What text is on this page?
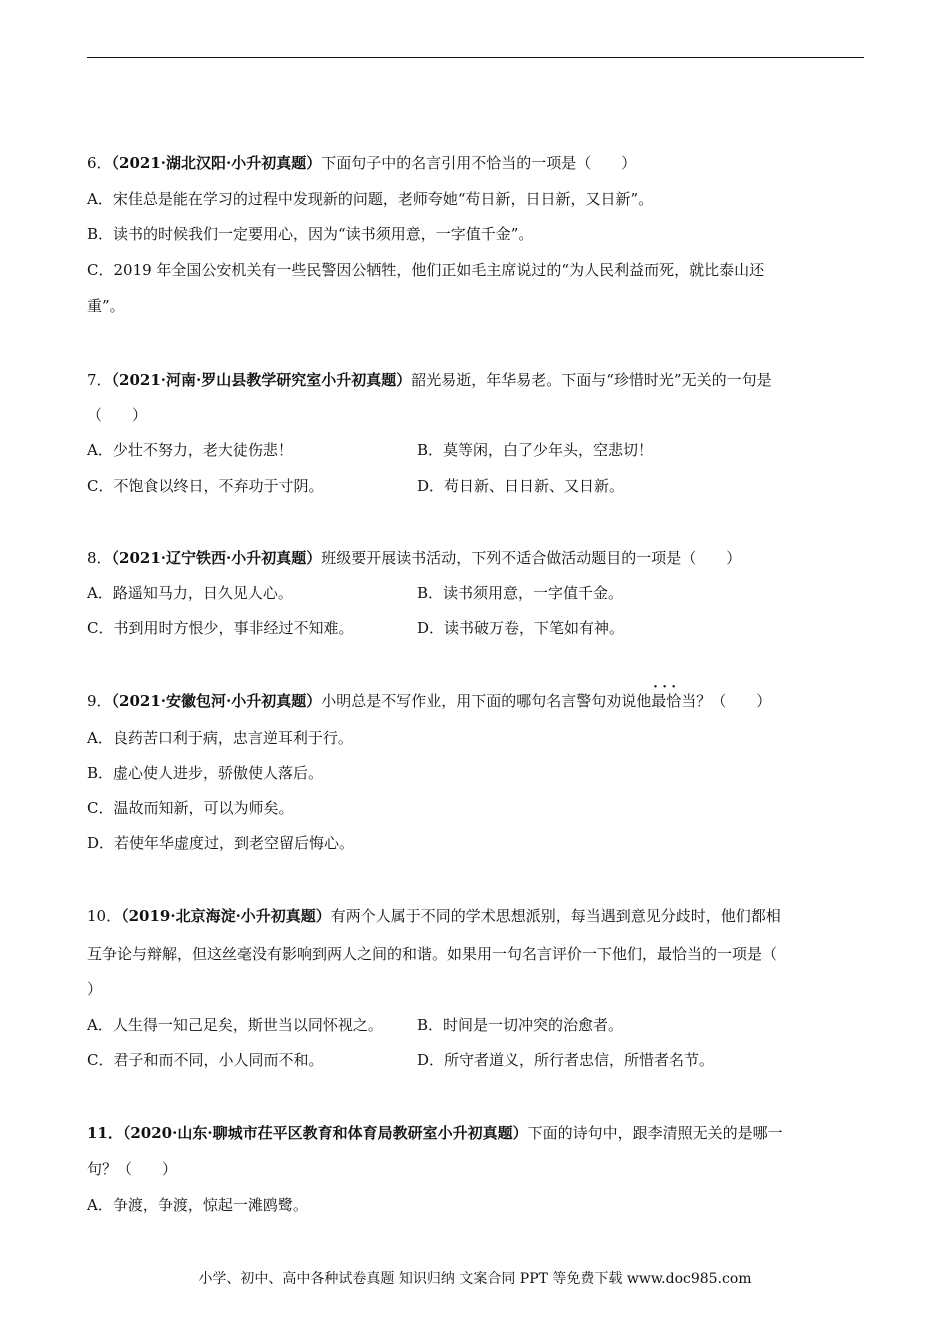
6．（2021·湖北汉阳·小升初真题）下面句子中的名言引用不恰当的一项是（　　）
A．宋佳总是能在学习的过程中发现新的问题，老师夸她“苟日新，日日新，又日新”。
B．读书的时候我们一定要用心，因为“读书须用意，一字值千金”。
C．2019 年全国公安机关有一些民警因公牺牲，他们正如毛主席说过的“为人民利益而死，就比泰山还
重”。
7．（2021·河南·罗山县教学研究室小升初真题）韶光易逝，年华易老。下面与“珍惜时光”无关的一句是
（　　）
A．少壮不努力，老大徒伤悲！	B．莫等闲，白了少年头，空悲切！
C．不饱食以终日，不弃功于寸阴。	D．苟日新、日日新、又日新。
8．（2021·辽宁铁西·小升初真题）班级要开展读书活动，下列不适合做活动题目的一项是（　　）
A．路遥知马力，日久见人心。	B．读书须用意，一字值千金。
C．书到用时方恨少，事非经过不知难。	D．读书破万卷，下笔如有神。
9．（2021·安徽包河·小升初真题）小明总是不写作业，用下面的哪句名言警句劝说他· · · 最恰当？（　　）
A．良药苦口利于病，忠言逆耳利于行。
B．虚心使人进步，骄傲使人落后。
C．温故而知新，可以为师矣。
D．若使年华虚度过，到老空留后悔心。
10．（2019·北京海淀·小升初真题）有两个人属于不同的学术思想派别，每当遇到意见分歧时，他们都相
互争论与辩解，但这丝毫没有影响到两人之间的和谐。如果用一句名言评价一下他们，最恰当的一项是（
）
A．人生得一知己足矣，斯世当以同怀视之。 B．时间是一切冲突的治愈者。
C．君子和而不同，小人同而不和。	D．所守者道义，所行者忠信，所惜者名节。
11．（2020·山东·聊城市茌平区教育和体育局教研室小升初真题）下面的诗句中，跟李清照无关的是哪一
句？（　　）
A．争渡，争渡，惊起一滩鸥鹭。
小学、初中、高中各种试卷真题 知识归纳 文案合同 PPT 等免费下载 www.doc985.com
